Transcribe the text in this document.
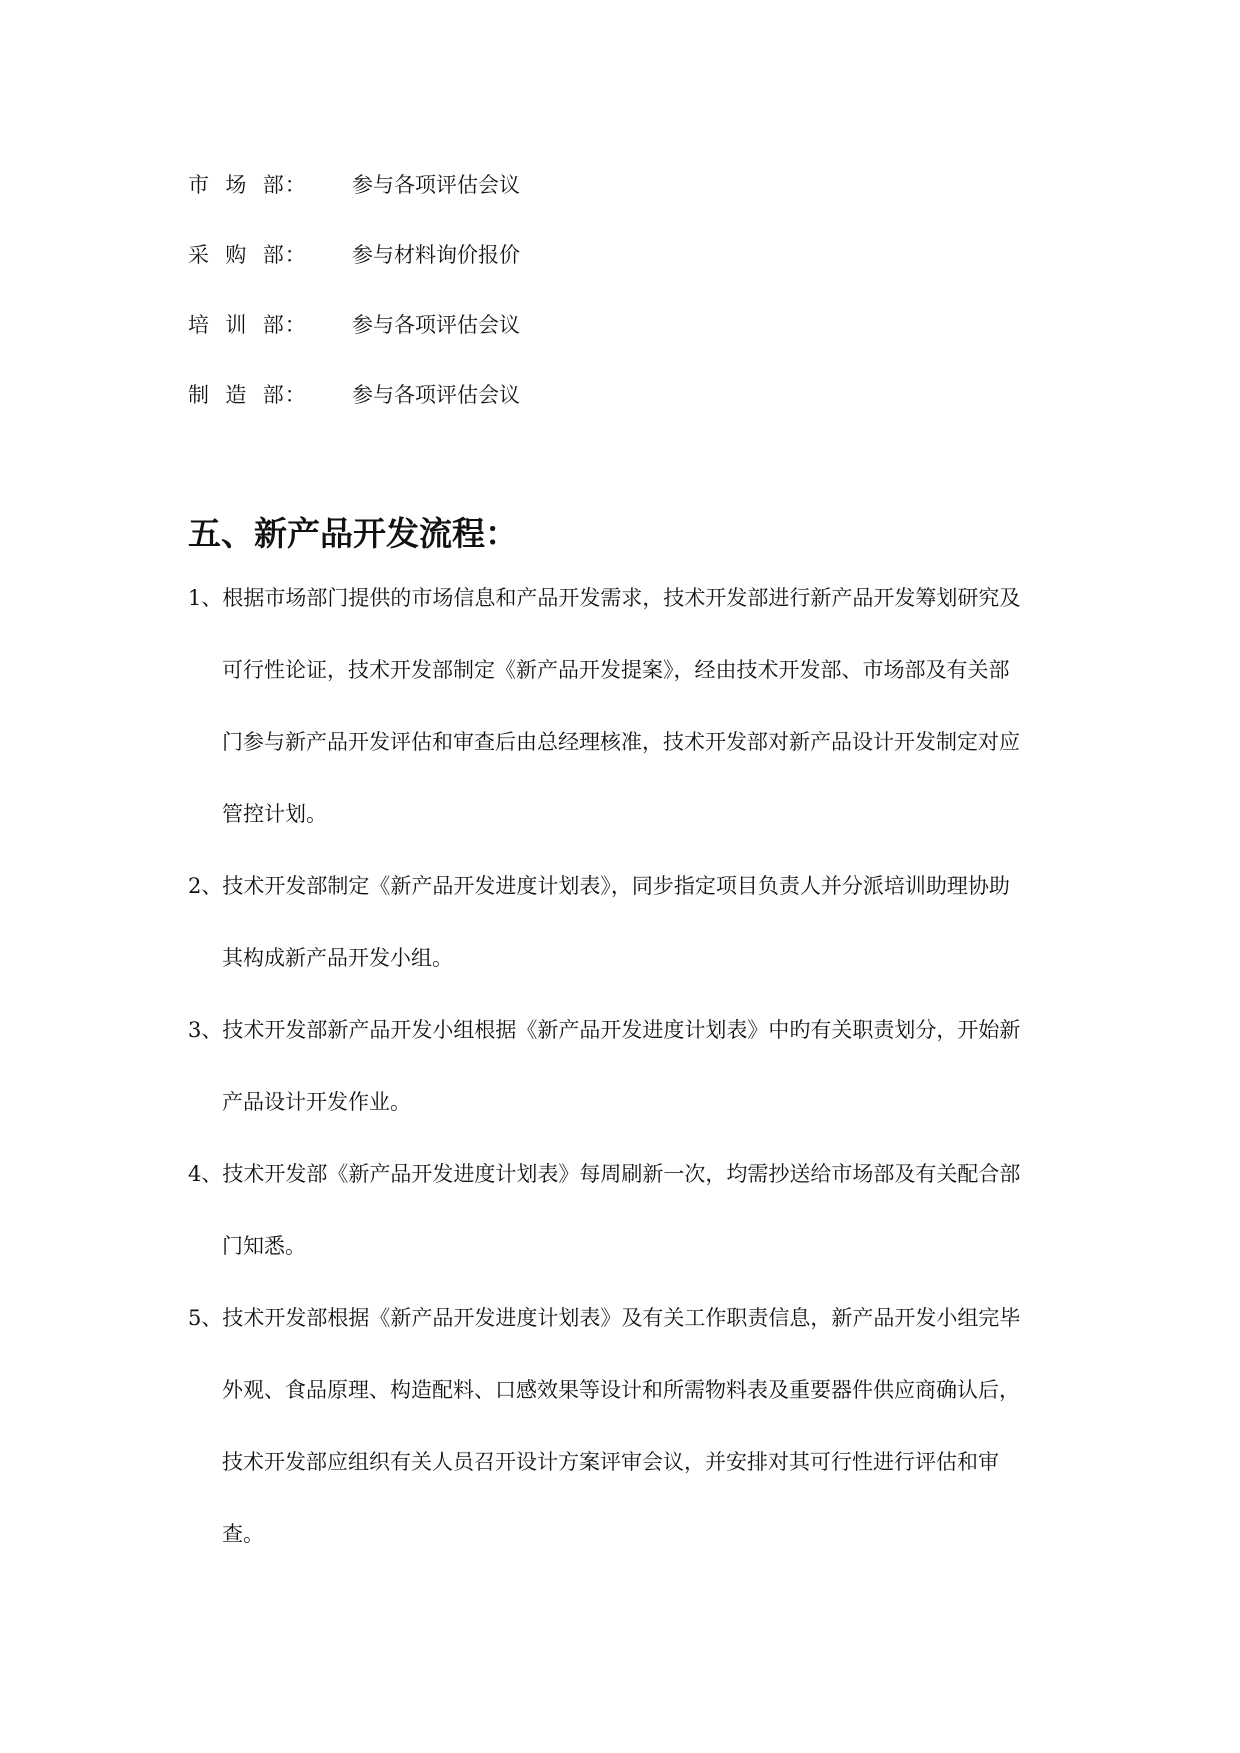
市  场  部： 参与各项评估会议
采  购  部： 参与材料询价报价
培  训  部： 参与各项评估会议
制  造  部： 参与各项评估会议
五、新产品开发流程：
1、根据市场部门提供的市场信息和产品开发需求，技术开发部进行新产品开发筹划研究及
可行性论证，技术开发部制定《新产品开发提案》，经由技术开发部、市场部及有关部
门参与新产品开发评估和审查后由总经理核准，技术开发部对新产品设计开发制定对应
管控计划。
2、技术开发部制定《新产品开发进度计划表》，同步指定项目负责人并分派培训助理协助
其构成新产品开发小组。
3、技术开发部新产品开发小组根据《新产品开发进度计划表》中旳有关职责划分，开始新
产品设计开发作业。
4、技术开发部《新产品开发进度计划表》每周刷新一次，均需抄送给市场部及有关配合部
门知悉。
5、技术开发部根据《新产品开发进度计划表》及有关工作职责信息，新产品开发小组完毕
外观、食品原理、构造配料、口感效果等设计和所需物料表及重要器件供应商确认后，
技术开发部应组织有关人员召开设计方案评审会议，并安排对其可行性进行评估和审
查。
